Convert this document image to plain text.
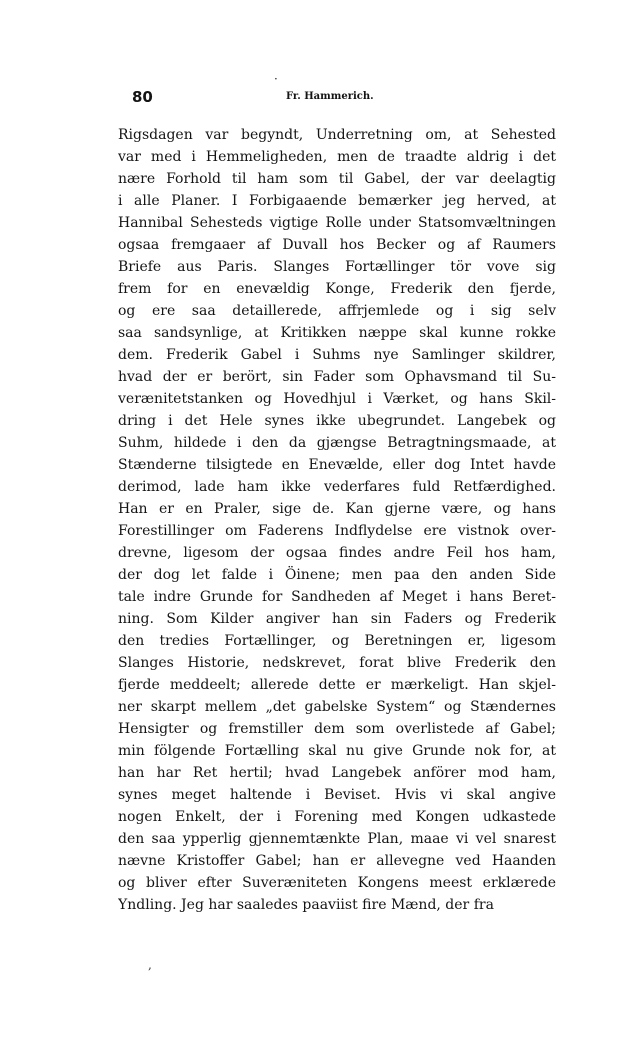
80	Fr. Hammerich.
Rigsdagen var begyndt, Underretning om, at Sehested
var med i Hemmeligheden, men de traadte aldrig i det
nære Forhold til ham som til Gabel, der var deelagtig
i alle Planer. I Forbigaaende bemærker jeg herved, at
Hannibal Sehesteds vigtige Rolle under Statsomvæltningen
ogsaa fremgaaer af Duvall hos Becker og af Raumers
Briefe aus Paris. Slanges Fortællinger tör vove sig
frem for en enevældig Konge, Frederik den fjerde,
og ere saa detaillerede, affrjemlede og i sig selv
saa sandsynlige, at Kritikken næppe skal kunne rokke
dem. Frederik Gabel i Suhms nye Samlinger skildrer,
hvad der er berört, sin Fader som Ophavsmand til Su-
verænitetstanken og Hovedhjul i Værket, og hans Skil-
dring i det Hele synes ikke ubegrundet. Langebek og
Suhm, hildede i den da gjængse Betragtningsmaade, at
Stænderne tilsigtede en Enevælde, eller dog Intet havde
derimod, lade ham ikke vederfares fuld Retfærdighed.
Han er en Praler, sige de. Kan gjerne være, og hans
Forestillinger om Faderens Indflydelse ere vistnok over-
drevne, ligesom der ogsaa findes andre Feil hos ham,
der dog let falde i Öinene; men paa den anden Side
tale indre Grunde for Sandheden af Meget i hans Beret-
ning. Som Kilder angiver han sin Faders og Frederik
den tredies Fortællinger, og Beretningen er, ligesom
Slanges Historie, nedskrevet, forat blive Frederik den
fjerde meddeelt; allerede dette er mærkeligt. Han skjel-
ner skarpt mellem „det gabelske System“ og Stændernes
Hensigter og fremstiller dem som overlistede af Gabel;
min fölgende Fortælling skal nu give Grunde nok for, at
han har Ret hertil; hvad Langebek anförer mod ham,
synes meget haltende i Beviset. Hvis vi skal angive
nogen Enkelt, der i Forening med Kongen udkastede
den saa ypperlig gjennemtænkte Plan, maae vi vel snarest
nævne Kristoffer Gabel; han er allevegne ved Haanden
og bliver efter Suveræniteten Kongens meest erklærede
Yndling. Jeg har saaledes paaviist fire Mænd, der fra
·
,
